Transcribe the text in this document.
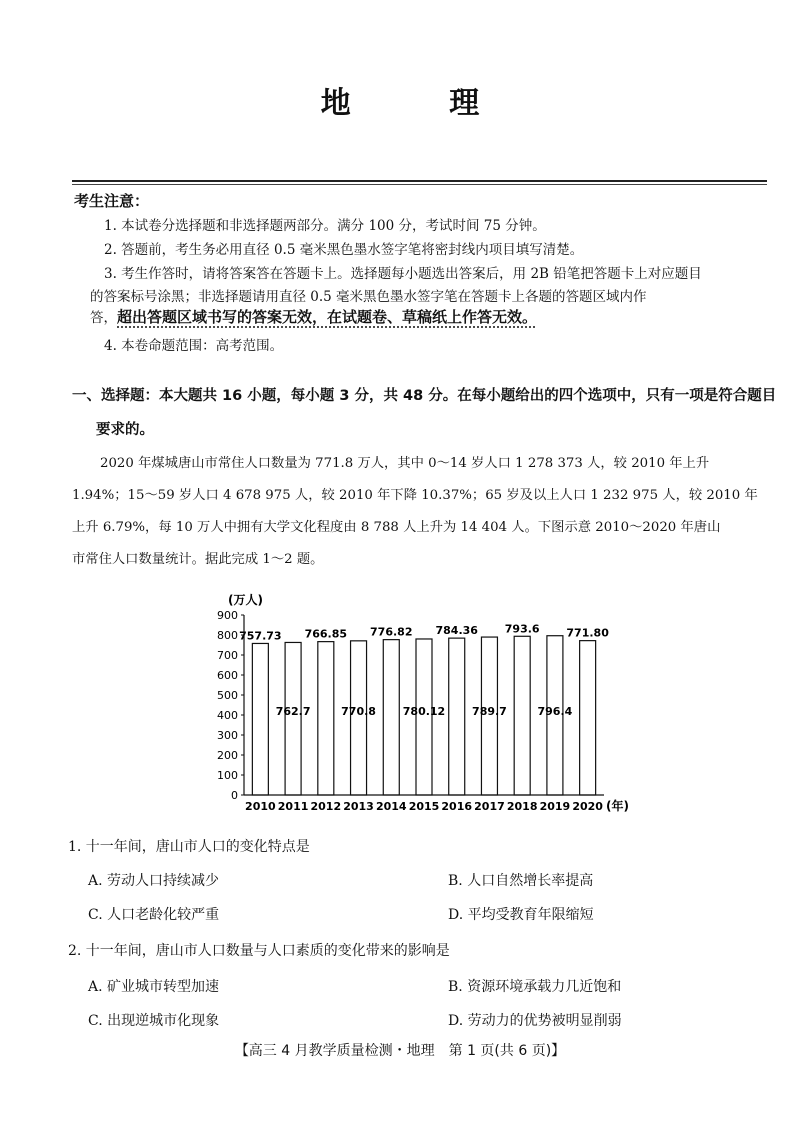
地 理
考生注意：
1. 本试卷分选择题和非选择题两部分。满分 100 分，考试时间 75 分钟。
2. 答题前，考生务必用直径 0.5 毫米黑色墨水签字笔将密封线内项目填写清楚。
3. 考生作答时，请将答案答在答题卡上。选择题每小题选出答案后，用 2B 铅笔把答题卡上对应题目
的答案标号涂黑；非选择题请用直径 0.5 毫米黑色墨水签字笔在答题卡上各题的答题区域内作
答，超出答题区域书写的答案无效，在试题卷、草稿纸上作答无效。
4. 本卷命题范围：高考范围。
一、选择题：本大题共 16 小题，每小题 3 分，共 48 分。在每小题给出的四个选项中，只有一项是符合题目
要求的。
2020 年煤城唐山市常住人口数量为 771.8 万人，其中 0～14 岁人口 1 278 373 人，较 2010 年上升
1.94%；15～59 岁人口 4 678 975 人，较 2010 年下降 10.37%；65 岁及以上人口 1 232 975 人，较 2010 年
上升 6.79%，每 10 万人中拥有大学文化程度由 8 788 人上升为 14 404 人。下图示意 2010～2020 年唐山
市常住人口数量统计。据此完成 1～2 题。
0
100
200
300
400
500
600
700
800
900
757.73
762.7
766.85
770.8
776.82
780.12
784.36
789.7
793.6
796.4
771.80
2010 2011 2012 2013 2014 2015 2016 2017 2018 2019 2020
(万人)
(年)
1. 十一年间，唐山市人口的变化特点是
A. 劳动人口持续减少	B. 人口自然增长率提高
C. 人口老龄化较严重	D. 平均受教育年限缩短
2. 十一年间，唐山市人口数量与人口素质的变化带来的影响是
A. 矿业城市转型加速	B. 资源环境承载力几近饱和
C. 出现逆城市化现象	D. 劳动力的优势被明显削弱
【高三 4 月教学质量检测・地理　第 1 页(共 6 页)】
